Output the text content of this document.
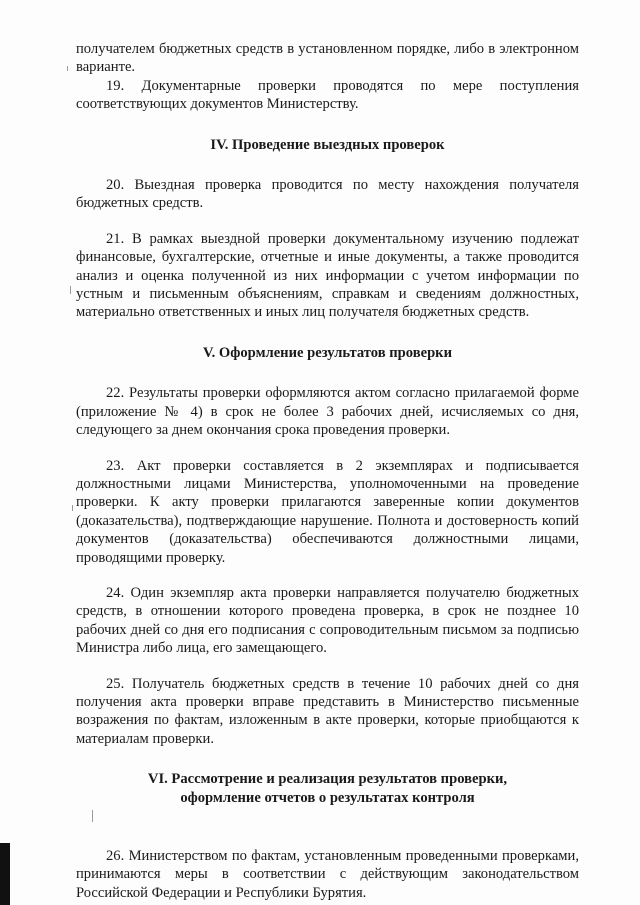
получателем бюджетных средств в установленном порядке, либо в электронном варианте.

19. Документарные проверки проводятся по мере поступления соответствующих документов Министерству.

IV. Проведение выездных проверок

20. Выездная проверка проводится по месту нахождения получателя бюджетных средств.

21. В рамках выездной проверки документальному изучению подлежат финансовые, бухгалтерские, отчетные и иные документы, а также проводится анализ и оценка полученной из них информации с учетом информации по устным и письменным объяснениям, справкам и сведениям должностных, материально ответственных и иных лиц получателя бюджетных средств.

V. Оформление результатов проверки

22. Результаты проверки оформляются актом согласно прилагаемой форме (приложение № 4) в срок не более 3 рабочих дней, исчисляемых со дня, следующего за днем окончания срока проведения проверки.

23. Акт проверки составляется в 2 экземплярах и подписывается должностными лицами Министерства, уполномоченными на проведение проверки. К акту проверки прилагаются заверенные копии документов (доказательства), подтверждающие нарушение. Полнота и достоверность копий документов (доказательства) обеспечиваются должностными лицами, проводящими проверку.

24. Один экземпляр акта проверки направляется получателю бюджетных средств, в отношении которого проведена проверка, в срок не позднее 10 рабочих дней со дня его подписания с сопроводительным письмом за подписью Министра либо лица, его замещающего.

25. Получатель бюджетных средств в течение 10 рабочих дней со дня получения акта проверки вправе представить в Министерство письменные возражения по фактам, изложенным в акте проверки, которые приобщаются к материалам проверки.

VI. Рассмотрение и реализация результатов проверки,
оформление отчетов о результатах контроля

26. Министерством по фактам, установленным проведенными проверками, принимаются меры в соответствии с действующим законодательством Российской Федерации и Республики Бурятия.
